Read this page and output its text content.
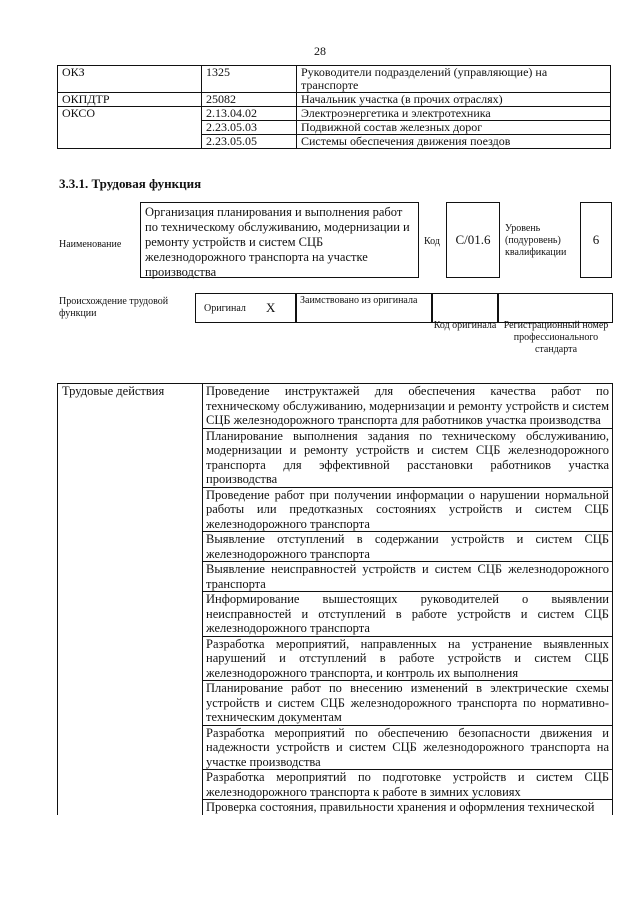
28
ОКЗ	1325	Руководители подразделений (управляющие) на транспорте
ОКПДТР	25082	Начальник участка (в прочих отраслях)
ОКСО	2.13.04.02	Электроэнергетика и электротехника
	2.23.05.03	Подвижной состав железных дорог
	2.23.05.05	Системы обеспечения движения поездов
3.3.1. Трудовая функция
Наименование
Организация планирования и выполнения работ по техническому обслуживанию, модернизации и ремонту устройств и систем СЦБ железнодорожного транспорта на участке производства
Код	С/01.6
Уровень (подуровень) квалификации
6
Происхождение трудовой функции	Оригинал X	Заимствовано из оригинала
Код оригинала Регистрационный номер профессионального стандарта
Трудовые действия	Проведение инструктажей для обеспечения качества работ по техническому обслуживанию, модернизации и ремонту устройств и систем СЦБ железнодорожного транспорта для работников участка производства
Планирование выполнения задания по техническому обслуживанию, модернизации и ремонту устройств и систем СЦБ железнодорожного транспорта для эффективной расстановки работников участка производства
Проведение работ при получении информации о нарушении нормальной работы или предотказных состояниях устройств и систем СЦБ железнодорожного транспорта
Выявление отступлений в содержании устройств и систем СЦБ железнодорожного транспорта
Выявление неисправностей устройств и систем СЦБ железнодорожного транспорта
Информирование вышестоящих руководителей о выявлении неисправностей и отступлений в работе устройств и систем СЦБ железнодорожного транспорта
Разработка мероприятий, направленных на устранение выявленных нарушений и отступлений в работе устройств и систем СЦБ железнодорожного транспорта, и контроль их выполнения
Планирование работ по внесению изменений в электрические схемы устройств и систем СЦБ железнодорожного транспорта по нормативно-техническим документам
Разработка мероприятий по обеспечению безопасности движения и надежности устройств и систем СЦБ железнодорожного транспорта на участке производства
Разработка мероприятий по подготовке устройств и систем СЦБ железнодорожного транспорта к работе в зимних условиях
Проверка состояния, правильности хранения и оформления технической
